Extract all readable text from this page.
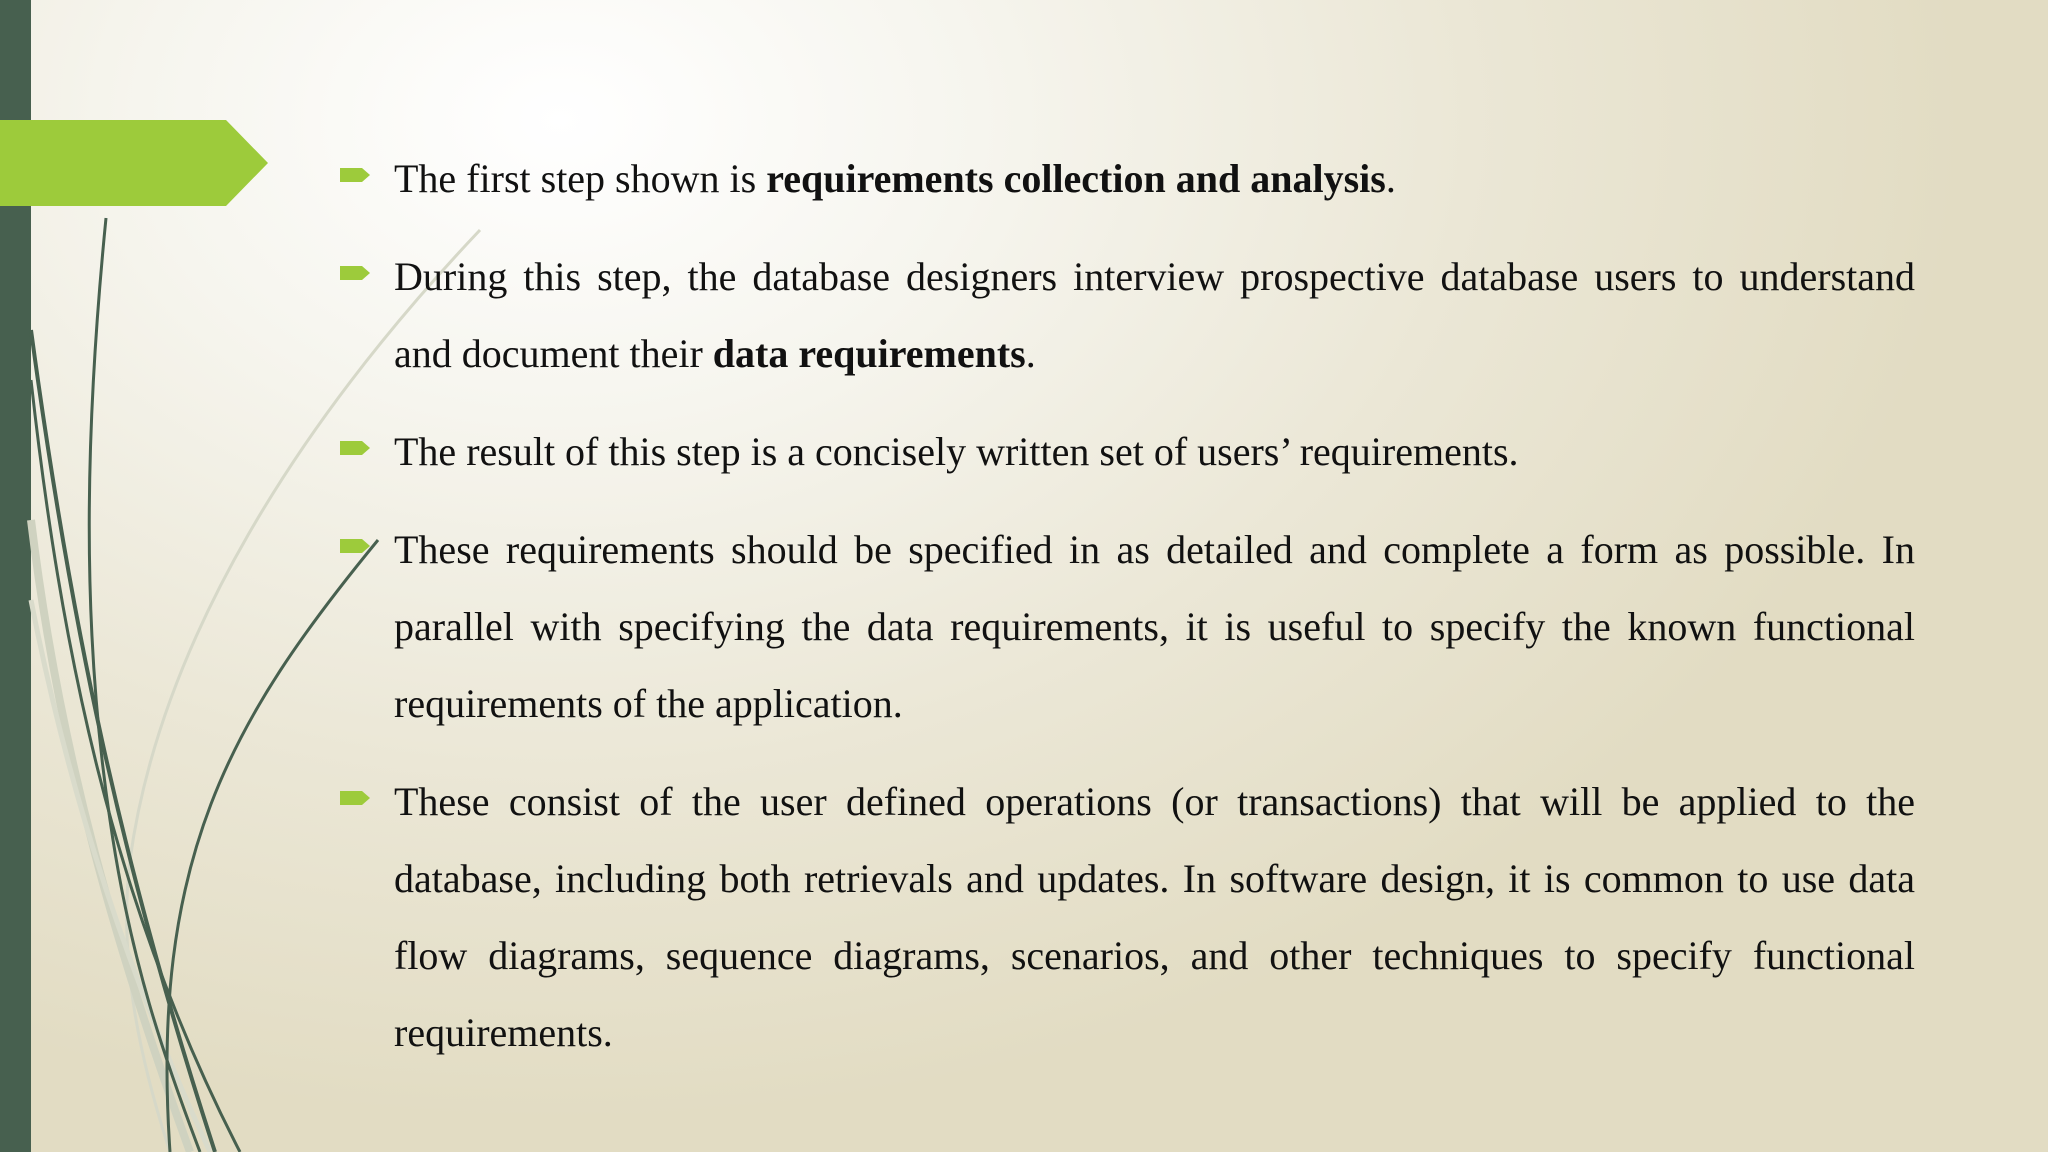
The first step shown is requirements collection and analysis.
During this step, the database designers interview prospective database users to understand and document their data requirements.
The result of this step is a concisely written set of users’ requirements.
These requirements should be specified in as detailed and complete a form as possible. In parallel with specifying the data requirements, it is useful to specify the known functional requirements of the application.
These consist of the user defined operations (or transactions) that will be applied to the database, including both retrievals and updates. In software design, it is common to use data flow diagrams, sequence diagrams, scenarios, and other techniques to specify functional requirements.
